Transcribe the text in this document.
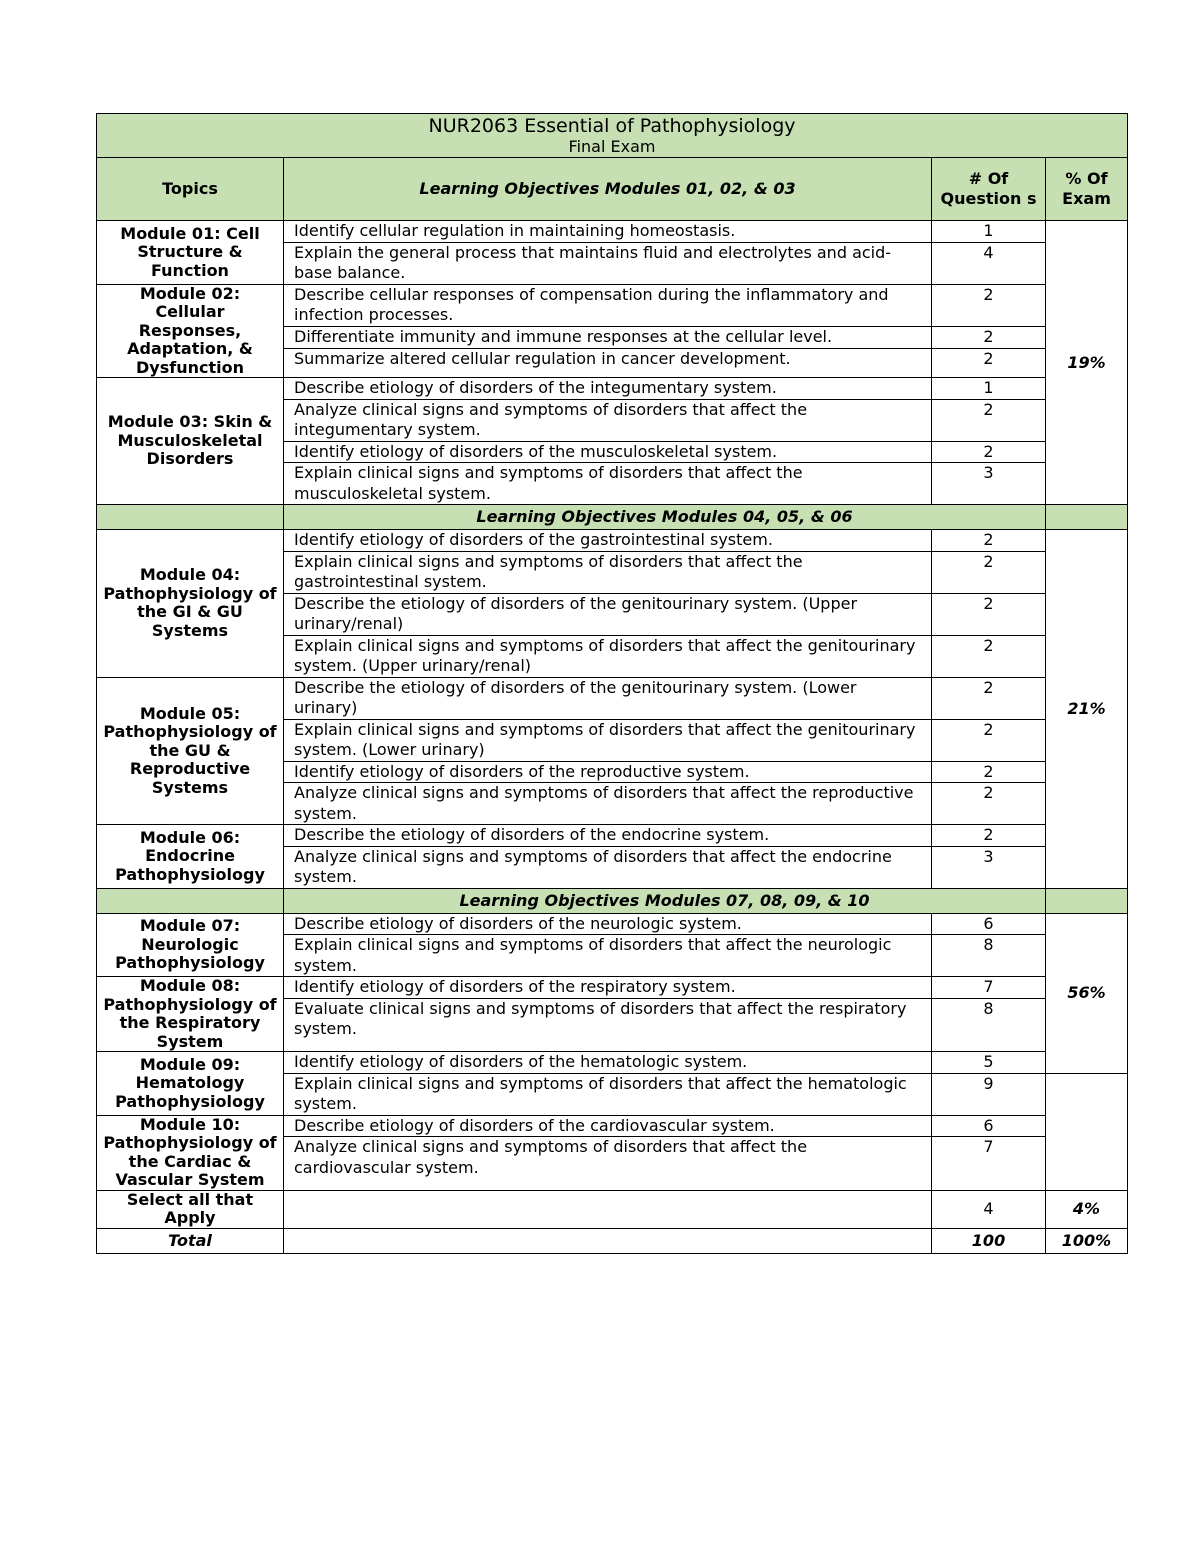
NUR2063 Essential of Pathophysiology
Final Exam			

Topics	Learning Objectives Modules 01, 02, & 03	# Of Question s	% Of Exam
Module 01: Cell Structure & Function	Identify cellular regulation in maintaining homeostasis.	1	19%
	Explain the general process that maintains fluid and electrolytes and acid-base balance.	4	
Module 02: Cellular Responses, Adaptation, & Dysfunction	Describe cellular responses of compensation during the inflammatory and infection processes.	2	
	Differentiate immunity and immune responses at the cellular level.	2	
	Summarize altered cellular regulation in cancer development.	2	
Module 03: Skin & Musculoskeletal Disorders	Describe etiology of disorders of the integumentary system.	1	
	Analyze clinical signs and symptoms of disorders that affect the integumentary system.	2	
	Identify etiology of disorders of the musculoskeletal system.	2	
	Explain clinical signs and symptoms of disorders that affect the musculoskeletal system.	3	
	Learning Objectives Modules 04, 05, & 06		
Module 04: Pathophysiology of the GI & GU Systems	Identify etiology of disorders of the gastrointestinal system.	2	21%
	Explain clinical signs and symptoms of disorders that affect the gastrointestinal system.	2	
	Describe the etiology of disorders of the genitourinary system. (Upper urinary/renal)	2	
	Explain clinical signs and symptoms of disorders that affect the genitourinary system. (Upper urinary/renal)	2	
Module 05: Pathophysiology of the GU & Reproductive Systems	Describe the etiology of disorders of the genitourinary system. (Lower urinary)	2	
	Explain clinical signs and symptoms of disorders that affect the genitourinary system. (Lower urinary)	2	
	Identify etiology of disorders of the reproductive system.	2	
	Analyze clinical signs and symptoms of disorders that affect the reproductive system.	2	
Module 06: Endocrine Pathophysiology	Describe the etiology of disorders of the endocrine system.	2	
	Analyze clinical signs and symptoms of disorders that affect the endocrine system.	3	
	Learning Objectives Modules 07, 08, 09, & 10		
Module 07: Neurologic Pathophysiology	Describe etiology of disorders of the neurologic system.	6	56%
	Explain clinical signs and symptoms of disorders that affect the neurologic system.	8	
Module 08: Pathophysiology of the Respiratory System	Identify etiology of disorders of the respiratory system.	7	
	Evaluate clinical signs and symptoms of disorders that affect the respiratory system.	8	
Module 09: Hematology Pathophysiology	Identify etiology of disorders of the hematologic system.	5	
	Explain clinical signs and symptoms of disorders that affect the hematologic system.	9	
Module 10: Pathophysiology of the Cardiac & Vascular System	Describe etiology of disorders of the cardiovascular system.	6	
	Analyze clinical signs and symptoms of disorders that affect the cardiovascular system.	7	
Select all that Apply		4	4%
Total		100	100%
